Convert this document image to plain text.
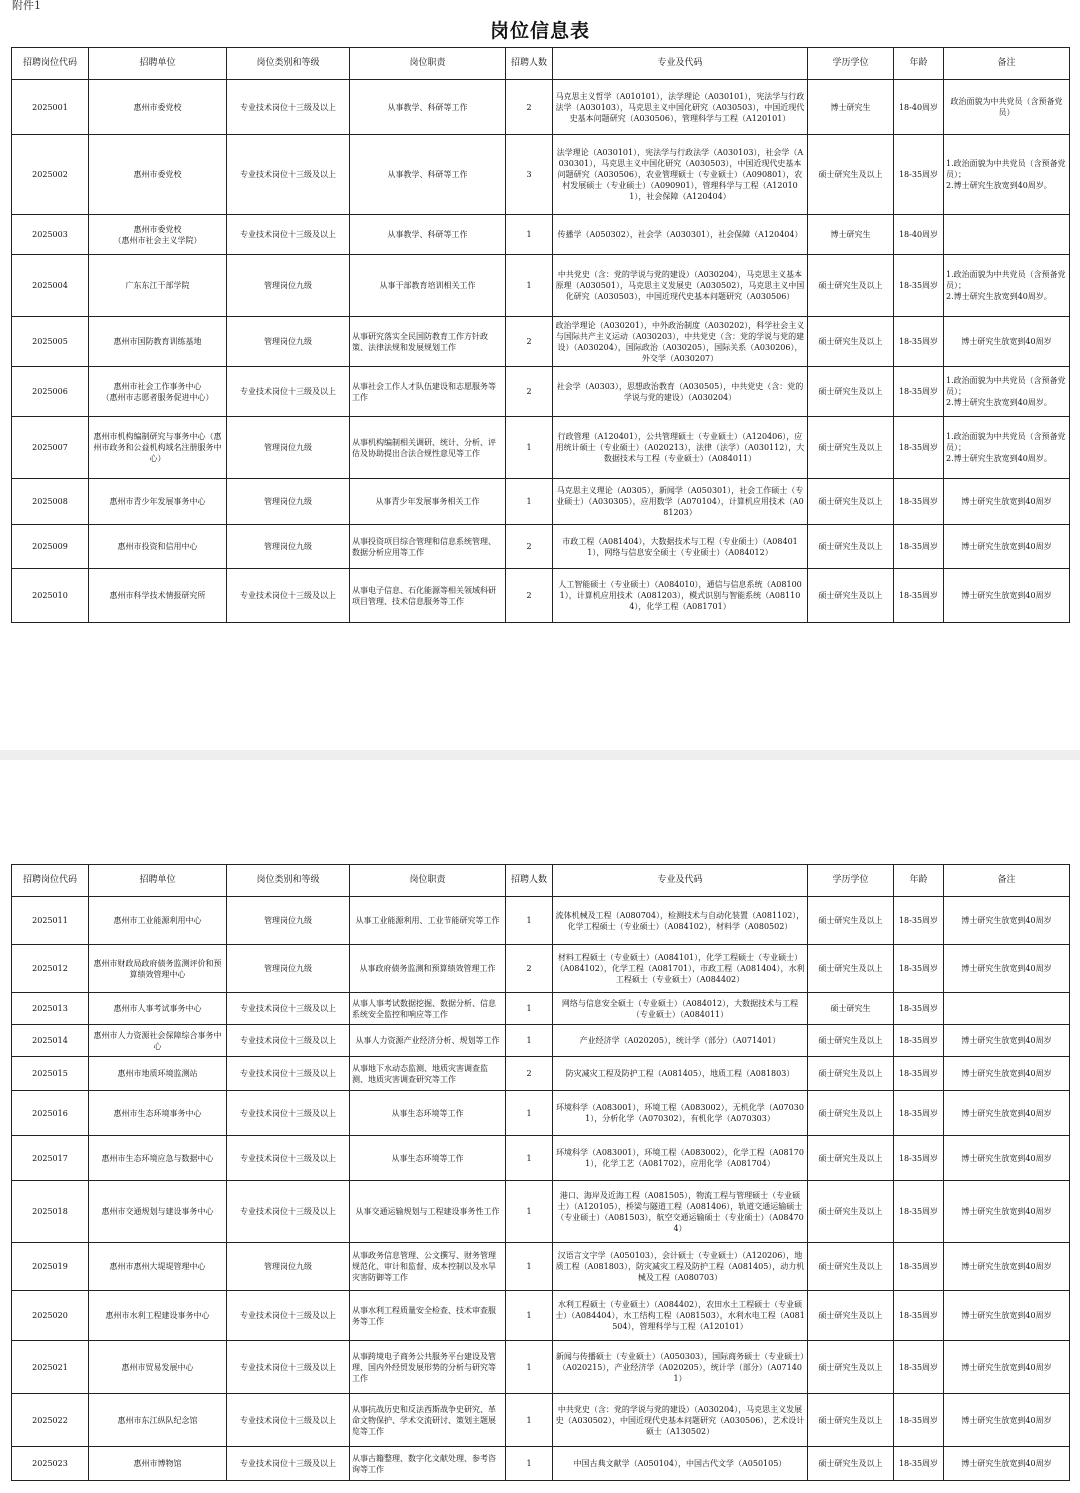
附件1
岗位信息表
招聘岗位代码	招聘单位	岗位类别和等级	岗位职责	招聘人数	专业及代码	学历学位	年龄	备注
2025001	惠州市委党校	专业技术岗位十三级及以上	从事教学、科研等工作	2	马克思主义哲学（A010101），法学理论（A030101），宪法学与行政法学（A030103），马克思主义中国化研究（A030503），中国近现代史基本问题研究（A030506），管理科学与工程（A120101）	博士研究生	18-40周岁	政治面貌为中共党员（含预备党员）
2025002	惠州市委党校	专业技术岗位十三级及以上	从事教学、科研等工作	3	法学理论（A030101），宪法学与行政法学（A030103），社会学（A030301），马克思主义中国化研究（A030503），中国近现代史基本问题研究（A030506），农业管理硕士（专业硕士）（A090801），农村发展硕士（专业硕士）（A090901），管理科学与工程（A120101），社会保障（A120404）	硕士研究生及以上	18-35周岁	1.政治面貌为中共党员（含预备党员）；
2.博士研究生放宽到40周岁。
2025003	惠州市委党校
（惠州市社会主义学院）	专业技术岗位十三级及以上	从事教学、科研等工作	1	传播学（A050302），社会学（A030301），社会保障（A120404）	博士研究生	18-40周岁	
2025004	广东东江干部学院	管理岗位九级	从事干部教育培训相关工作	1	中共党史（含：党的学说与党的建设）（A030204），马克思主义基本原理（A030501），马克思主义发展史（A030502），马克思主义中国化研究（A030503），中国近现代史基本问题研究（A030506）	硕士研究生及以上	18-35周岁	1.政治面貌为中共党员（含预备党员）；
2.博士研究生放宽到40周岁。
2025005	惠州市国防教育训练基地	管理岗位九级	从事研究落实全民国防教育工作方针政策、法律法规和发展规划工作	2	政治学理论（A030201），中外政治制度（A030202），科学社会主义与国际共产主义运动（A030203），中共党史（含：党的学说与党的建设）（A030204），国际政治（A030205），国际关系（A030206），外交学（A030207）	硕士研究生及以上	18-35周岁	博士研究生放宽到40周岁
2025006	惠州市社会工作事务中心
（惠州市志愿者服务促进中心）	专业技术岗位十三级及以上	从事社会工作人才队伍建设和志愿服务等工作	2	社会学（A0303），思想政治教育（A030505），中共党史（含：党的学说与党的建设）（A030204）	硕士研究生及以上	18-35周岁	1.政治面貌为中共党员（含预备党员）；
2.博士研究生放宽到40周岁。
2025007	惠州市机构编制研究与事务中心（惠州市政务和公益机构域名注册服务中心）	管理岗位九级	从事机构编制相关调研、统计、分析、评估及协助提出合法合规性意见等工作	1	行政管理（A120401），公共管理硕士（专业硕士）（A120406），应用统计硕士（专业硕士）（A020213），法律（法学）（A030112），大数据技术与工程（专业硕士）（A084011）	硕士研究生及以上	18-35周岁	1.政治面貌为中共党员（含预备党员）；
2.博士研究生放宽到40周岁。
2025008	惠州市青少年发展事务中心	管理岗位九级	从事青少年发展事务相关工作	1	马克思主义理论（A0305），新闻学（A050301），社会工作硕士（专业硕士）（A030305），应用数学（A070104），计算机应用技术（A081203）	硕士研究生及以上	18-35周岁	博士研究生放宽到40周岁
2025009	惠州市投资和信用中心	管理岗位九级	从事投资项目综合管理和信息系统管理、数据分析应用等工作	2	市政工程（A081404），大数据技术与工程（专业硕士）（A084011），网络与信息安全硕士（专业硕士）（A084012）	硕士研究生及以上	18-35周岁	博士研究生放宽到40周岁
2025010	惠州市科学技术情报研究所	专业技术岗位十三级及以上	从事电子信息、石化能源等相关领域科研项目管理、技术信息服务等工作	2	人工智能硕士（专业硕士）（A084010），通信与信息系统（A081001），计算机应用技术（A081203），模式识别与智能系统（A081104），化学工程（A081701）	硕士研究生及以上	18-35周岁	博士研究生放宽到40周岁
招聘岗位代码	招聘单位	岗位类别和等级	岗位职责	招聘人数	专业及代码	学历学位	年龄	备注
2025011	惠州市工业能源利用中心	管理岗位九级	从事工业能源利用、工业节能研究等工作	1	流体机械及工程（A080704），检测技术与自动化装置（A081102），化学工程硕士（专业硕士）（A084102），材料学（A080502）	硕士研究生及以上	18-35周岁	博士研究生放宽到40周岁
2025012	惠州市财政局政府债务监测评价和预算绩效管理中心	管理岗位九级	从事政府债务监测和预算绩效管理工作	2	材料工程硕士（专业硕士）（A084101），化学工程硕士（专业硕士）（A084102），化学工程（A081701），市政工程（A081404），水利工程硕士（专业硕士）（A084402）	硕士研究生及以上	18-35周岁	博士研究生放宽到40周岁
2025013	惠州市人事考试事务中心	专业技术岗位十三级及以上	从事人事考试数据挖掘、数据分析、信息系统安全监控和响应等工作	1	网络与信息安全硕士（专业硕士）（A084012），大数据技术与工程（专业硕士）（A084011）	硕士研究生	18-35周岁	
2025014	惠州市人力资源社会保障综合事务中心	专业技术岗位十三级及以上	从事人力资源产业经济分析、规划等工作	1	产业经济学（A020205），统计学（部分）（A071401）	硕士研究生及以上	18-35周岁	博士研究生放宽到40周岁
2025015	惠州市地质环境监测站	专业技术岗位十三级及以上	从事地下水动态监测、地质灾害调查监测、地质灾害调查研究等工作	2	防灾减灾工程及防护工程（A081405），地质工程（A081803）	硕士研究生及以上	18-35周岁	博士研究生放宽到40周岁
2025016	惠州市生态环境事务中心	专业技术岗位十三级及以上	从事生态环境等工作	1	环境科学（A083001），环境工程（A083002），无机化学（A070301），分析化学（A070302），有机化学（A070303）	硕士研究生及以上	18-35周岁	博士研究生放宽到40周岁
2025017	惠州市生态环境应急与数据中心	专业技术岗位十三级及以上	从事生态环境等工作	1	环境科学（A083001），环境工程（A083002），化学工程（A081701），化学工艺（A081702），应用化学（A081704）	硕士研究生及以上	18-35周岁	博士研究生放宽到40周岁
2025018	惠州市交通规划与建设事务中心	专业技术岗位十三级及以上	从事交通运输规划与工程建设事务性工作	1	港口、海岸及近海工程（A081505），物流工程与管理硕士（专业硕士）（A120105），桥梁与隧道工程（A081406），轨道交通运输硕士（专业硕士）（A081503），航空交通运输硕士（专业硕士）（A084704）	硕士研究生及以上	18-35周岁	博士研究生放宽到40周岁
2025019	惠州市惠州大堤堤管理中心	管理岗位九级	从事政务信息管理、公文撰写、财务管理规范化、审计和监督、成本控制以及水旱灾害防御等工作	1	汉语言文字学（A050103），会计硕士（专业硕士）（A120206），地质工程（A081803），防灾减灾工程及防护工程（A081405），动力机械及工程（A080703）	硕士研究生及以上	18-35周岁	博士研究生放宽到40周岁
2025020	惠州市水利工程建设事务中心	专业技术岗位十三级及以上	从事水利工程质量安全检查、技术审查服务等工作	1	水利工程硕士（专业硕士）（A084402），农田水土工程硕士（专业硕士）（A084404），水工结构工程（A081503），水利水电工程（A081504），管理科学与工程（A120101）	硕士研究生及以上	18-35周岁	博士研究生放宽到40周岁
2025021	惠州市贸易发展中心	专业技术岗位十三级及以上	从事跨境电子商务公共服务平台建设及管理、国内外经贸发展形势的分析与研究等工作	1	新闻与传播硕士（专业硕士）（A050303），国际商务硕士（专业硕士）（A020215），产业经济学（A020205），统计学（部分）（A071401）	硕士研究生及以上	18-35周岁	博士研究生放宽到40周岁
2025022	惠州市东江纵队纪念馆	专业技术岗位十三级及以上	从事抗战历史和反法西斯战争史研究、革命文物保护、学术交流研讨、策划主题展览等工作	1	中共党史（含：党的学说与党的建设）（A030204），马克思主义发展史（A030502），中国近现代史基本问题研究（A030506），艺术设计硕士（A130502）	硕士研究生及以上	18-35周岁	博士研究生放宽到40周岁
2025023	惠州市博物馆	专业技术岗位十三级及以上	从事古籍整理、数字化文献处理、参考咨询等工作	1	中国古典文献学（A050104），中国古代文学（A050105）	硕士研究生及以上	18-35周岁	博士研究生放宽到40周岁
